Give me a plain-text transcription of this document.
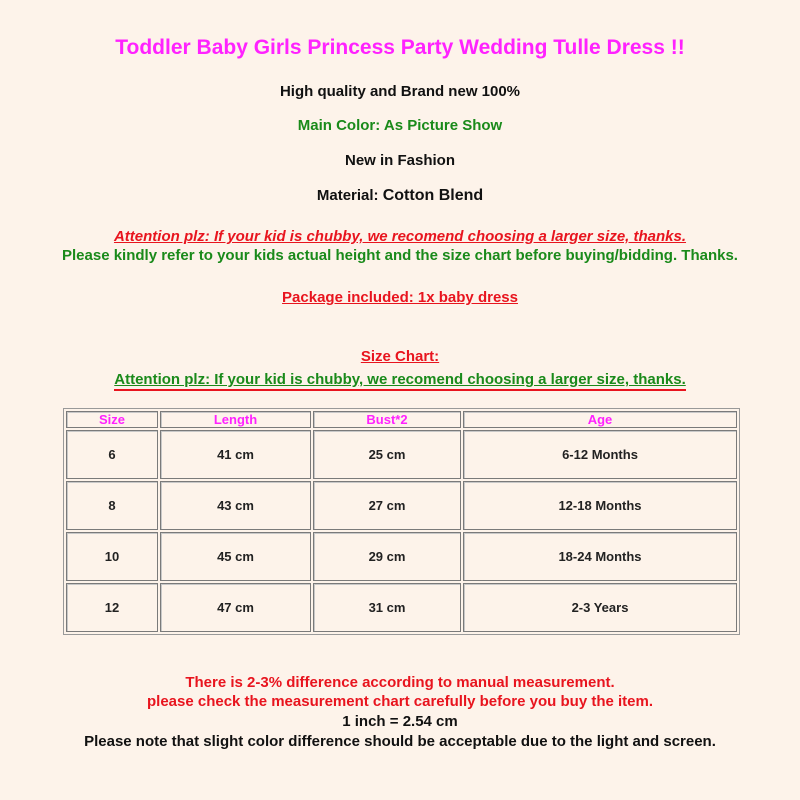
Toddler Baby Girls Princess Party Wedding Tulle Dress !!
High quality and Brand new 100%
Main Color: As Picture Show
New in Fashion
Material: Cotton Blend
Attention plz: If your kid is chubby, we recomend choosing a larger size, thanks.
Please kindly refer to your kids actual height and the size chart before buying/bidding. Thanks.
Package included: 1x baby dress
Size Chart:
Attention plz: If your kid is chubby, we recomend choosing a larger size, thanks.
Size	Length	Bust*2	Age
6	41 cm	25 cm	6-12 Months
8	43 cm	27 cm	12-18 Months
10	45 cm	29 cm	18-24 Months
12	47 cm	31 cm	2-3 Years
There is 2-3% difference according to manual measurement.
please check the measurement chart carefully before you buy the item.
1 inch = 2.54 cm
Please note that slight color difference should be acceptable due to the light and screen.
